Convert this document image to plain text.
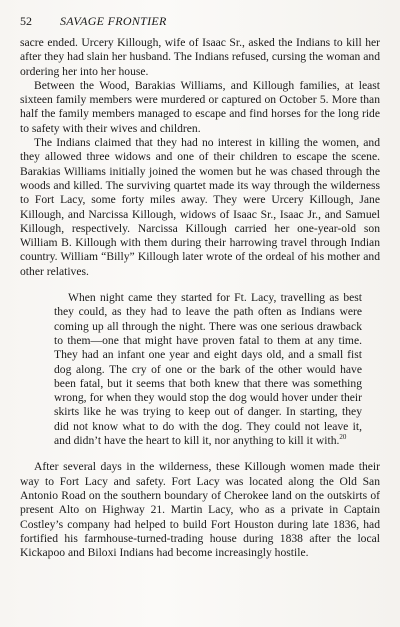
52	SAVAGE FRONTIER

sacre ended. Urcery Killough, wife of Isaac Sr., asked the Indians to kill her after they had slain her husband. The Indians refused, cursing the woman and ordering her into her house.

Between the Wood, Barakias Williams, and Killough families, at least sixteen family members were murdered or captured on October 5. More than half the family members managed to escape and find horses for the long ride to safety with their wives and children.

The Indians claimed that they had no interest in killing the women, and they allowed three widows and one of their children to escape the scene. Barakias Williams initially joined the women but he was chased through the woods and killed. The surviving quartet made its way through the wilderness to Fort Lacy, some forty miles away. They were Urcery Killough, Jane Killough, and Narcissa Killough, widows of Isaac Sr., Isaac Jr., and Samuel Killough, respectively. Narcissa Killough carried her one-year-old son William B. Killough with them during their harrowing travel through Indian country. William “Billy” Killough later wrote of the ordeal of his mother and other relatives.

When night came they started for Ft. Lacy, travelling as best they could, as they had to leave the path often as Indians were coming up all through the night. There was one serious drawback to them—one that might have proven fatal to them at any time. They had an infant one year and eight days old, and a small fist dog along. The cry of one or the bark of the other would have been fatal, but it seems that both knew that there was something wrong, for when they would stop the dog would hover under their skirts like he was trying to keep out of danger. In starting, they did not know what to do with the dog. They could not leave it, and didn’t have the heart to kill it, nor anything to kill it with.$^{20}$

After several days in the wilderness, these Killough women made their way to Fort Lacy and safety. Fort Lacy was located along the Old San Antonio Road on the southern boundary of Cherokee land on the outskirts of present Alto on Highway 21. Martin Lacy, who as a private in Captain Costley’s company had helped to build Fort Houston during late 1836, had fortified his farmhouse-turned-trading house during 1838 after the local Kickapoo and Biloxi Indians had become increasingly hostile.
